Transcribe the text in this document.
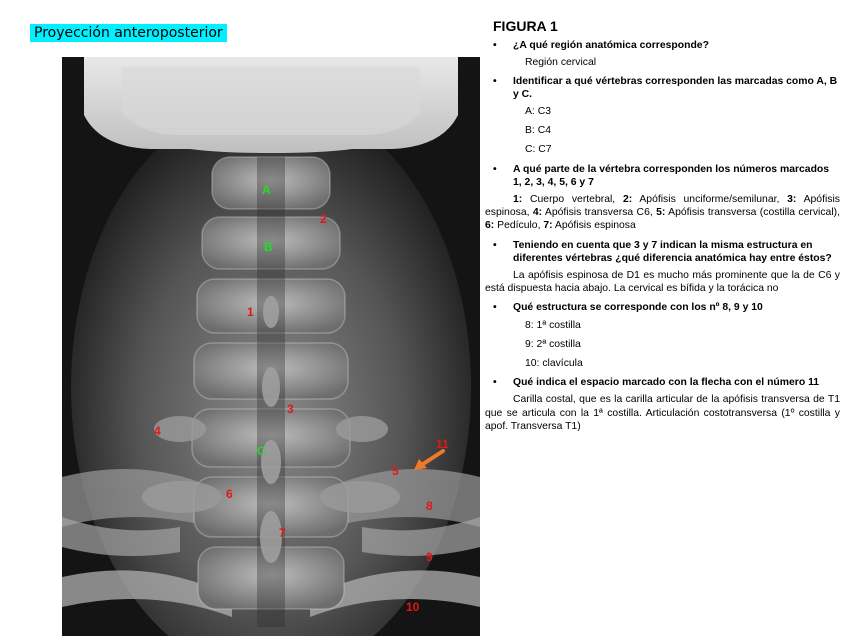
Proyección anteroposterior
A
B
C
1
2
3
4
5
6
7
8
9
10
11
FIGURA 1
• ¿A qué región anatómica corresponde?
Región cervical
• Identificar a qué vértebras corresponden las marcadas como A, B y C.
A: C3
B: C4
C: C7
• A qué parte de la vértebra corresponden los números marcados 1, 2, 3, 4, 5, 6 y 7
1: Cuerpo vertebral, 2: Apófisis unciforme/semilunar, 3: Apófisis espinosa, 4: Apófisis transversa C6, 5: Apófisis transversa (costilla cervical), 6: Pedículo, 7: Apófisis espinosa
• Teniendo en cuenta que 3 y 7 indican la misma estructura en diferentes vértebras ¿qué diferencia anatómica hay entre éstos?
La apófisis espinosa de D1 es mucho más prominente que la de C6 y está dispuesta hacia abajo. La cervical es bífida y la torácica no
• Qué estructura se corresponde con los nº 8, 9 y 10
8: 1ª costilla
9: 2ª costilla
10: clavícula
• Qué indica el espacio marcado con la flecha con el número 11
Carilla costal, que es la carilla articular de la apófisis transversa de T1 que se articula con la 1ª costilla. Articulación costotransversa (1º costilla y apof. Transversa T1)
